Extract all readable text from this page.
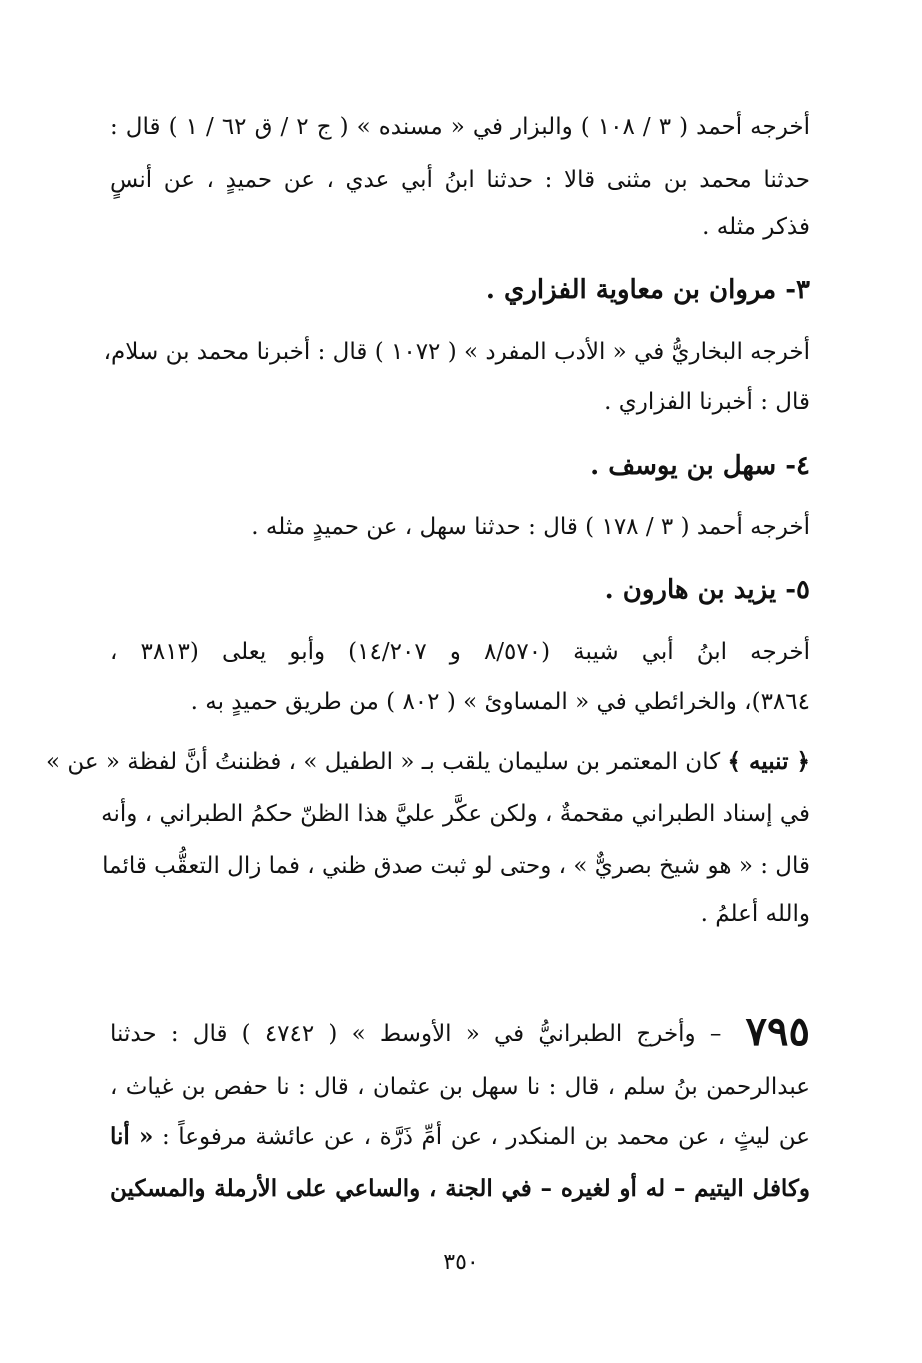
أخرجه أحمد ( ٣ / ١٠٨ ) والبزار في « مسنده » ( ج ٢ / ق ٦٢ / ١ ) قال :
حدثنا محمد بن مثنى قالا : حدثنا ابنُ أبي عدي ، عن حميدٍ ، عن أنسٍ
فذكر مثله .
٣- مروان بن معاوية الفزاري .
أخرجه البخاريُّ في « الأدب المفرد » ( ١٠٧٢ ) قال : أخبرنا محمد بن سلام،
قال : أخبرنا الفزاري .
٤- سهل بن يوسف .
أخرجه أحمد ( ٣ / ١٧٨ ) قال : حدثنا سهل ، عن حميدٍ مثله .
٥- يزيد بن هارون .
أخرجه ابنُ أبي شيبة (٨/٥٧٠ و ١٤/٢٠٧) وأبو يعلى (٣٨١٣ ،
٣٨٦٤)، والخرائطي في « المساوئ » ( ٨٠٢ ) من طريق حميدٍ به .
﴿ تنبيه ﴾ كان المعتمر بن سليمان يلقب بـ « الطفيل » ، فظننتُ أنَّ لفظة « عن »
في إسناد الطبراني مقحمةٌ ، ولكن عكَّر عليَّ هذا الظنّ حكمُ الطبراني ، وأنه
قال : « هو شيخ بصريٌّ » ، وحتى لو ثبت صدق ظني ، فما زال التعقُّب قائما
والله أعلمُ .
٧٩٥ – وأخرج الطبرانيُّ في « الأوسط » ( ٤٧٤٢ ) قال : حدثنا
عبدالرحمن بنُ سلم ، قال : نا سهل بن عثمان ، قال : نا حفص بن غياث ،
عن ليثٍ ، عن محمد بن المنكدر ، عن أمِّ ذَرَّة ، عن عائشة مرفوعاً : « أنا
وكافل اليتيم – له أو لغيره – في الجنة ، والساعي على الأرملة والمسكين
٣٥٠
